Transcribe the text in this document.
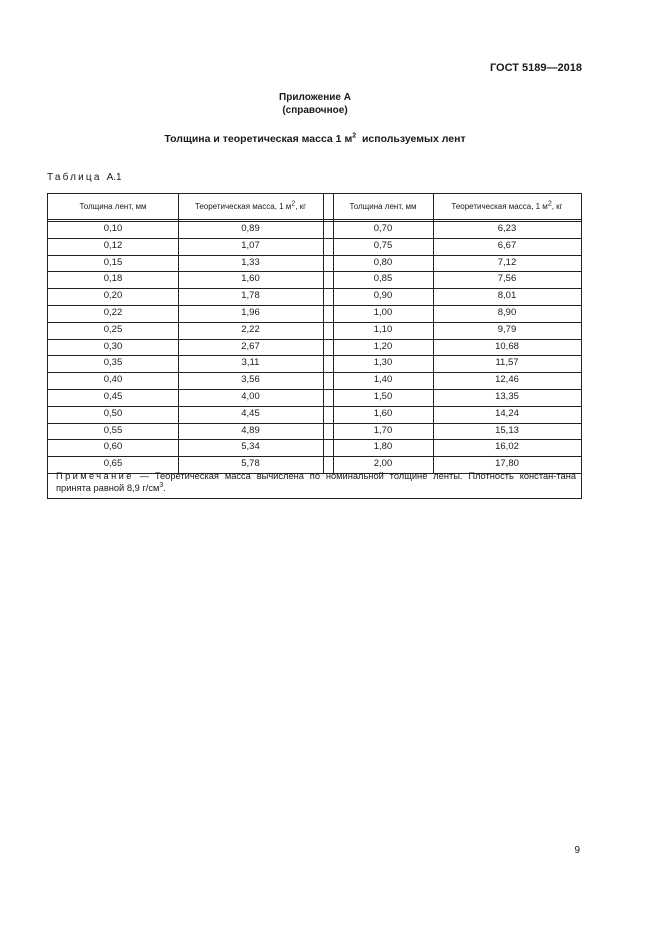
ГОСТ 5189—2018
Приложение А
(справочное)
Толщина и теоретическая масса 1 $м^2$  используемых лент
Таблица А.1
Толщина лент, мм	Теоретическая масса, 1 $м^2$, кг	Толщина лент, мм	Теоретическая масса, 1 $м^2$, кг
0,10	0,89	0,70	6,23
0,12	1,07	0,75	6,67
0,15	1,33	0,80	7,12
0,18	1,60	0,85	7,56
0,20	1,78	0,90	8,01
0,22	1,96	1,00	8,90
0,25	2,22	1,10	9,79
0,30	2,67	1,20	10,68
0,35	3,11	1,30	11,57
0,40	3,56	1,40	12,46
0,45	4,00	1,50	13,35
0,50	4,45	1,60	14,24
0,55	4,89	1,70	15,13
0,60	5,34	1,80	16,02
0,65	5,78	2,00	17,80
Примечание — Теоретическая масса вычислена по номинальной толщине ленты. Плотность констан-тана принята равной 8,9 $г/см^3$.
9
